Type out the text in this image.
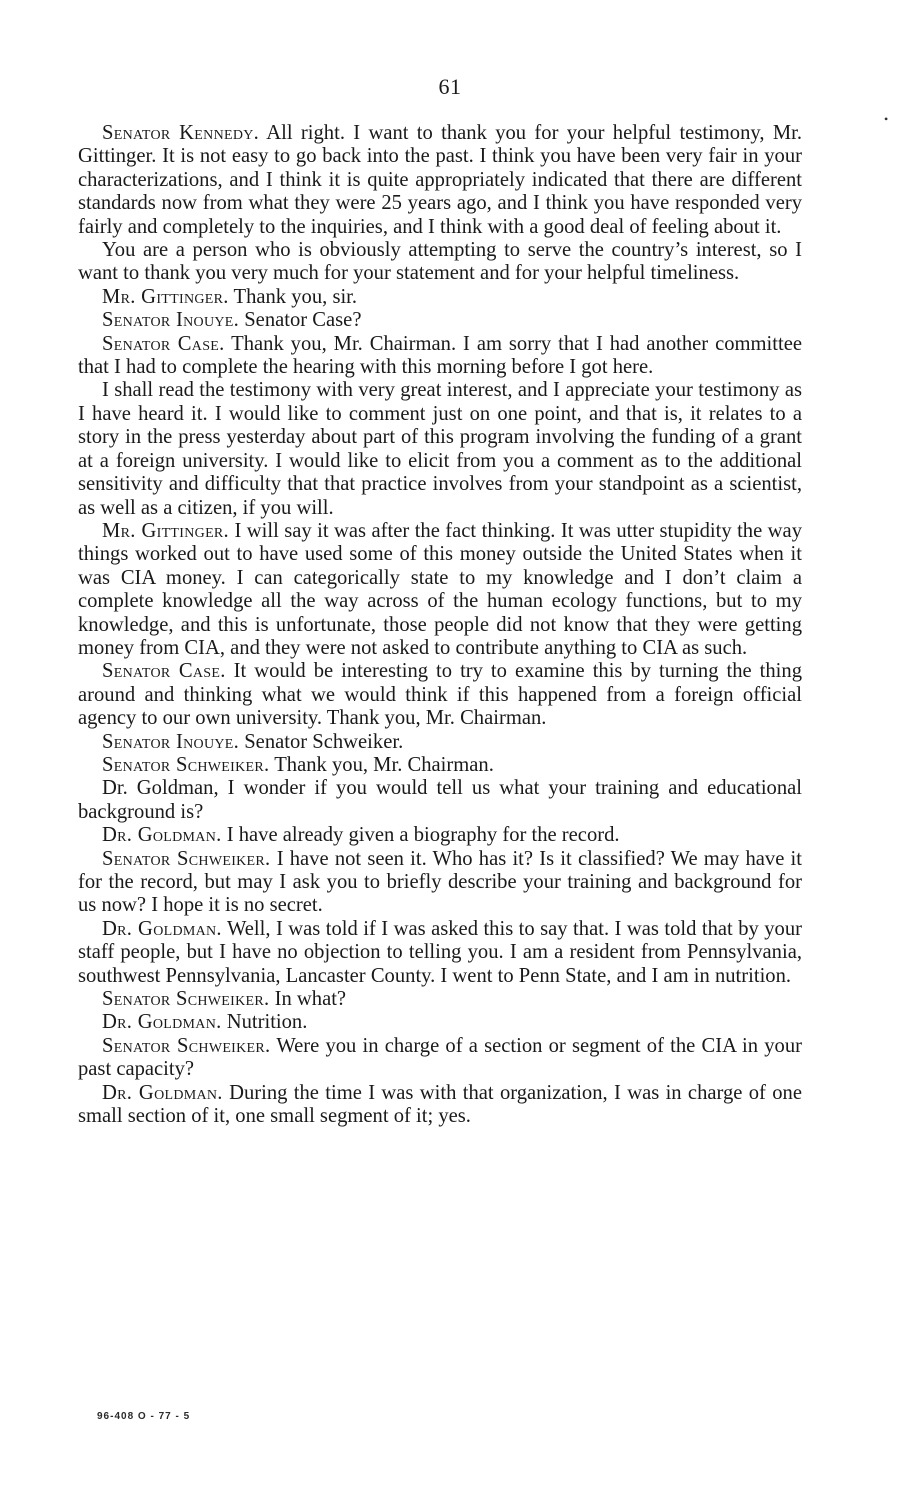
61
•

Senator Kennedy. All right. I want to thank you for your helpful testimony, Mr. Gittinger. It is not easy to go back into the past. I think you have been very fair in your characterizations, and I think it is quite appropriately indicated that there are different standards now from what they were 25 years ago, and I think you have responded very fairly and completely to the inquiries, and I think with a good deal of feeling about it.

You are a person who is obviously attempting to serve the country’s interest, so I want to thank you very much for your statement and for your helpful timeliness.

Mr. Gittinger. Thank you, sir.

Senator Inouye. Senator Case?

Senator Case. Thank you, Mr. Chairman. I am sorry that I had another committee that I had to complete the hearing with this morning before I got here.

I shall read the testimony with very great interest, and I appreciate your testimony as I have heard it. I would like to comment just on one point, and that is, it relates to a story in the press yesterday about part of this program involving the funding of a grant at a foreign university. I would like to elicit from you a comment as to the additional sensitivity and difficulty that that practice involves from your standpoint as a scientist, as well as a citizen, if you will.

Mr. Gittinger. I will say it was after the fact thinking. It was utter stupidity the way things worked out to have used some of this money outside the United States when it was CIA money. I can categorically state to my knowledge and I don’t claim a complete knowledge all the way across of the human ecology functions, but to my knowledge, and this is unfortunate, those people did not know that they were getting money from CIA, and they were not asked to contribute anything to CIA as such.

Senator Case. It would be interesting to try to examine this by turning the thing around and thinking what we would think if this happened from a foreign official agency to our own university. Thank you, Mr. Chairman.

Senator Inouye. Senator Schweiker.

Senator Schweiker. Thank you, Mr. Chairman.

Dr. Goldman, I wonder if you would tell us what your training and educational background is?

Dr. Goldman. I have already given a biography for the record.

Senator Schweiker. I have not seen it. Who has it? Is it classified? We may have it for the record, but may I ask you to briefly describe your training and background for us now? I hope it is no secret.

Dr. Goldman. Well, I was told if I was asked this to say that. I was told that by your staff people, but I have no objection to telling you. I am a resident from Pennsylvania, southwest Pennsylvania, Lancaster County. I went to Penn State, and I am in nutrition.

Senator Schweiker. In what?

Dr. Goldman. Nutrition.

Senator Schweiker. Were you in charge of a section or segment of the CIA in your past capacity?

Dr. Goldman. During the time I was with that organization, I was in charge of one small section of it, one small segment of it; yes.

96-408 O - 77 - 5
